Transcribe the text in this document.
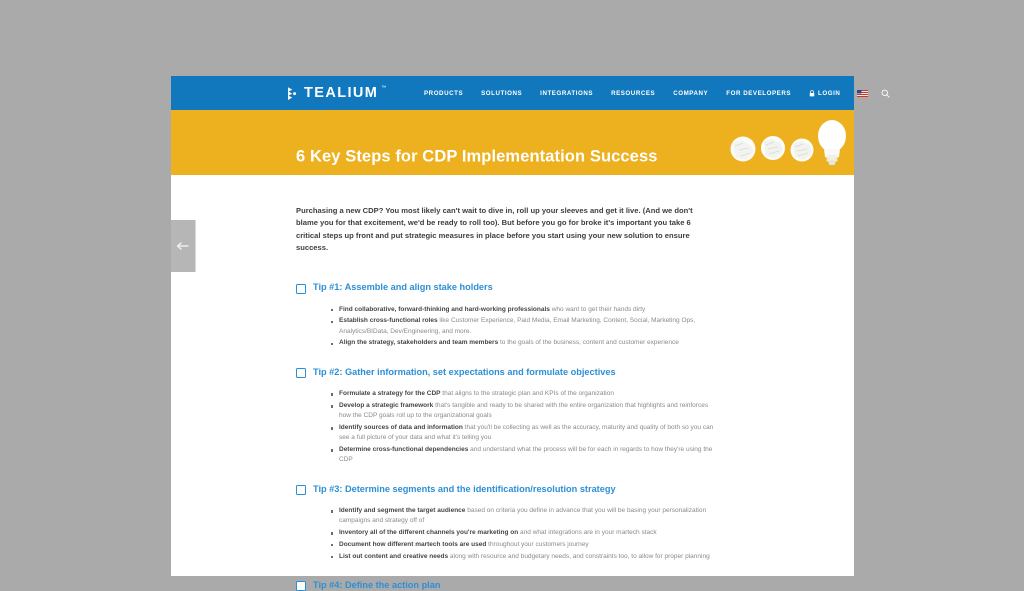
TEALIUM ™
PRODUCTS	SOLUTIONS	INTEGRATIONS	RESOURCES	COMPANY	FOR DEVELOPERS	LOGIN
6 Key Steps for CDP Implementation Success

Purchasing a new CDP? You most likely can't wait to dive in, roll up your sleeves and get it live. (And we don't blame you for that excitement, we'd be ready to roll too). But before you go for broke it's important you take 6 critical steps up front and put strategic measures in place before you start using your new solution to ensure success.

Tip #1: Assemble and align stake holders
Find collaborative, forward-thinking and hard-working professionals who want to get their hands dirty
Establish cross-functional roles like Customer Experience, Paid Media, Email Marketing, Content, Social, Marketing Ops, Analytics/BIData, Dev/Engineering, and more.
Align the strategy, stakeholders and team members to the goals of the business, content and customer experience
Tip #2: Gather information, set expectations and formulate objectives
Formulate a strategy for the CDP that aligns to the strategic plan and KPIs of the organization
Develop a strategic framework that's tangible and ready to be shared with the entire organization that highlights and reinforces how the CDP goals roll up to the organizational goals
Identify sources of data and information that you'll be collecting as well as the accuracy, maturity and quality of both so you can see a full picture of your data and what it's telling you
Determine cross-functional dependencies and understand what the process will be for each in regards to how they're using the CDP
Tip #3: Determine segments and the identification/resolution strategy
Identify and segment the target audience based on criteria you define in advance that you will be basing your personalization campaigns and strategy off of
Inventory all of the different channels you're marketing on and what integrations are in your martech stack
Document how different martech tools are used throughout your customers journey
List out content and creative needs along with resource and budgetary needs, and constraints too, to allow for proper planning
Tip #4: Define the action plan
